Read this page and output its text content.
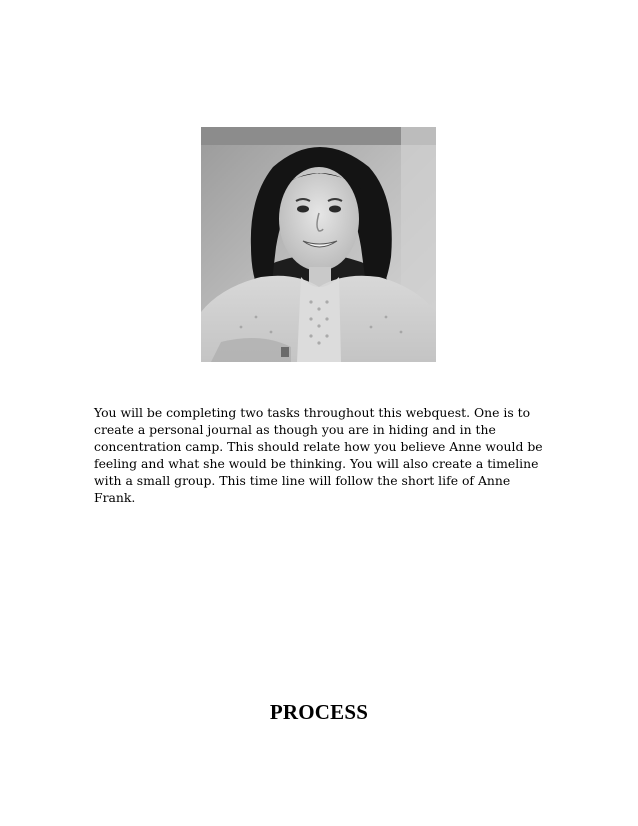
You will be completing two tasks throughout this webquest. One is to create a personal journal as though you are in hiding and in the concentration camp. This should relate how you believe Anne would be feeling and what she would be thinking. You will also create a timeline with a small group. This time line will follow the short life of Anne Frank.

PROCESS
